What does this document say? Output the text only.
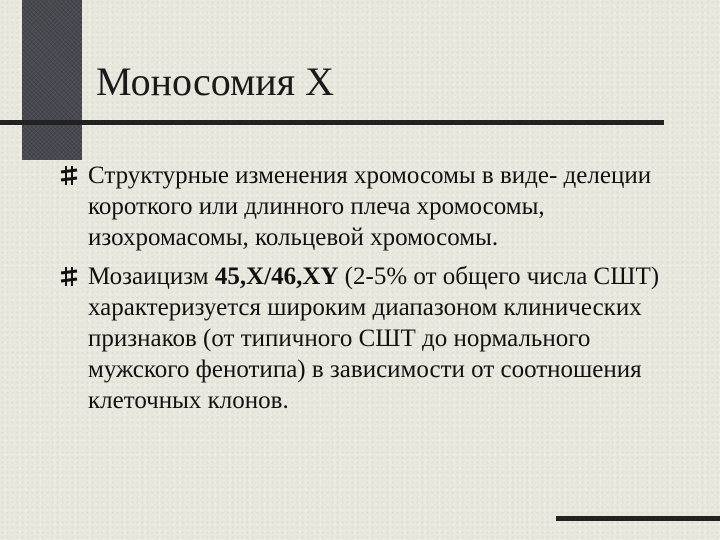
Моносомия Х
Структурные изменения хромосомы в виде- делеции короткого или длинного плеча хромосомы, изохромасомы, кольцевой хромосомы.
Мозаицизм 45,Х/46,ХY (2-5% от общего числа СШТ) характеризуется широким диапазоном клинических признаков (от типичного СШТ до нормального мужского фенотипа) в зависимости от соотношения клеточных клонов.
